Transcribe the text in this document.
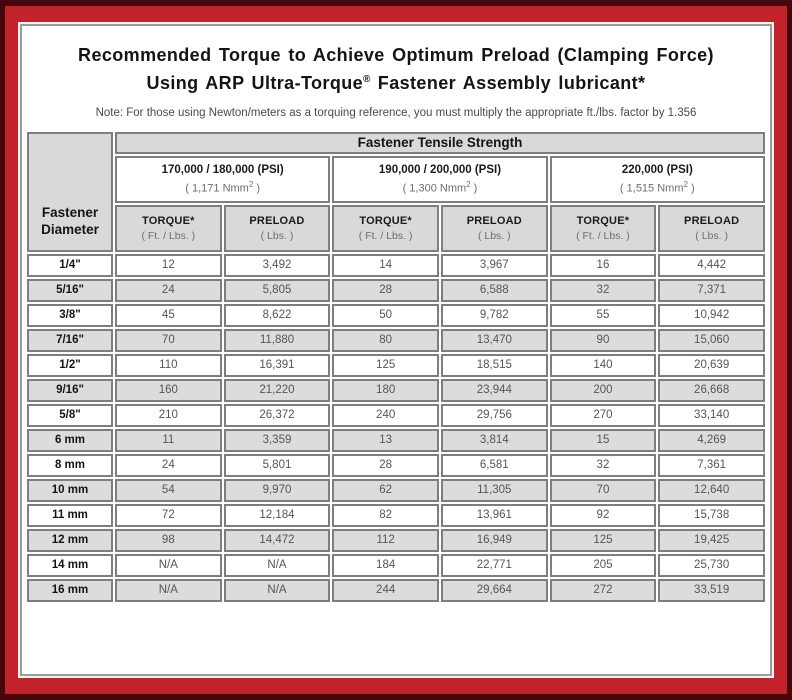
Recommended Torque to Achieve Optimum Preload (Clamping Force)
Using ARP Ultra-Torque® Fastener Assembly lubricant*
Note: For those using Newton/meters as a torquing reference, you must multiply the appropriate ft./lbs. factor by 1.356
Fastener Diameter	Fastener Tensile Strength					

	170,000 / 180,000 (PSI)
( 1,171 Nmm$^2$ )		190,000 / 200,000 (PSI)
( 1,300 Nmm$^2$ )		220,000 (PSI)
( 1,515 Nmm$^2$ )	

	TORQUE*
( Ft. / Lbs. )	PRELOAD
( Lbs. )	TORQUE*
( Ft. / Lbs. )	PRELOAD
( Lbs. )	TORQUE*
( Ft. / Lbs. )	PRELOAD
( Lbs. )

1/4"	12	3,492	14	3,967	16	4,442
5/16"	24	5,805	28	6,588	32	7,371
3/8"	45	8,622	50	9,782	55	10,942
7/16"	70	11,880	80	13,470	90	15,060
1/2"	110	16,391	125	18,515	140	20,639
9/16"	160	21,220	180	23,944	200	26,668
5/8"	210	26,372	240	29,756	270	33,140
6 mm	11	3,359	13	3,814	15	4,269
8 mm	24	5,801	28	6,581	32	7,361
10 mm	54	9,970	62	11,305	70	12,640
11 mm	72	12,184	82	13,961	92	15,738
12 mm	98	14,472	112	16,949	125	19,425
14 mm	N/A	N/A	184	22,771	205	25,730
16 mm	N/A	N/A	244	29,664	272	33,519
